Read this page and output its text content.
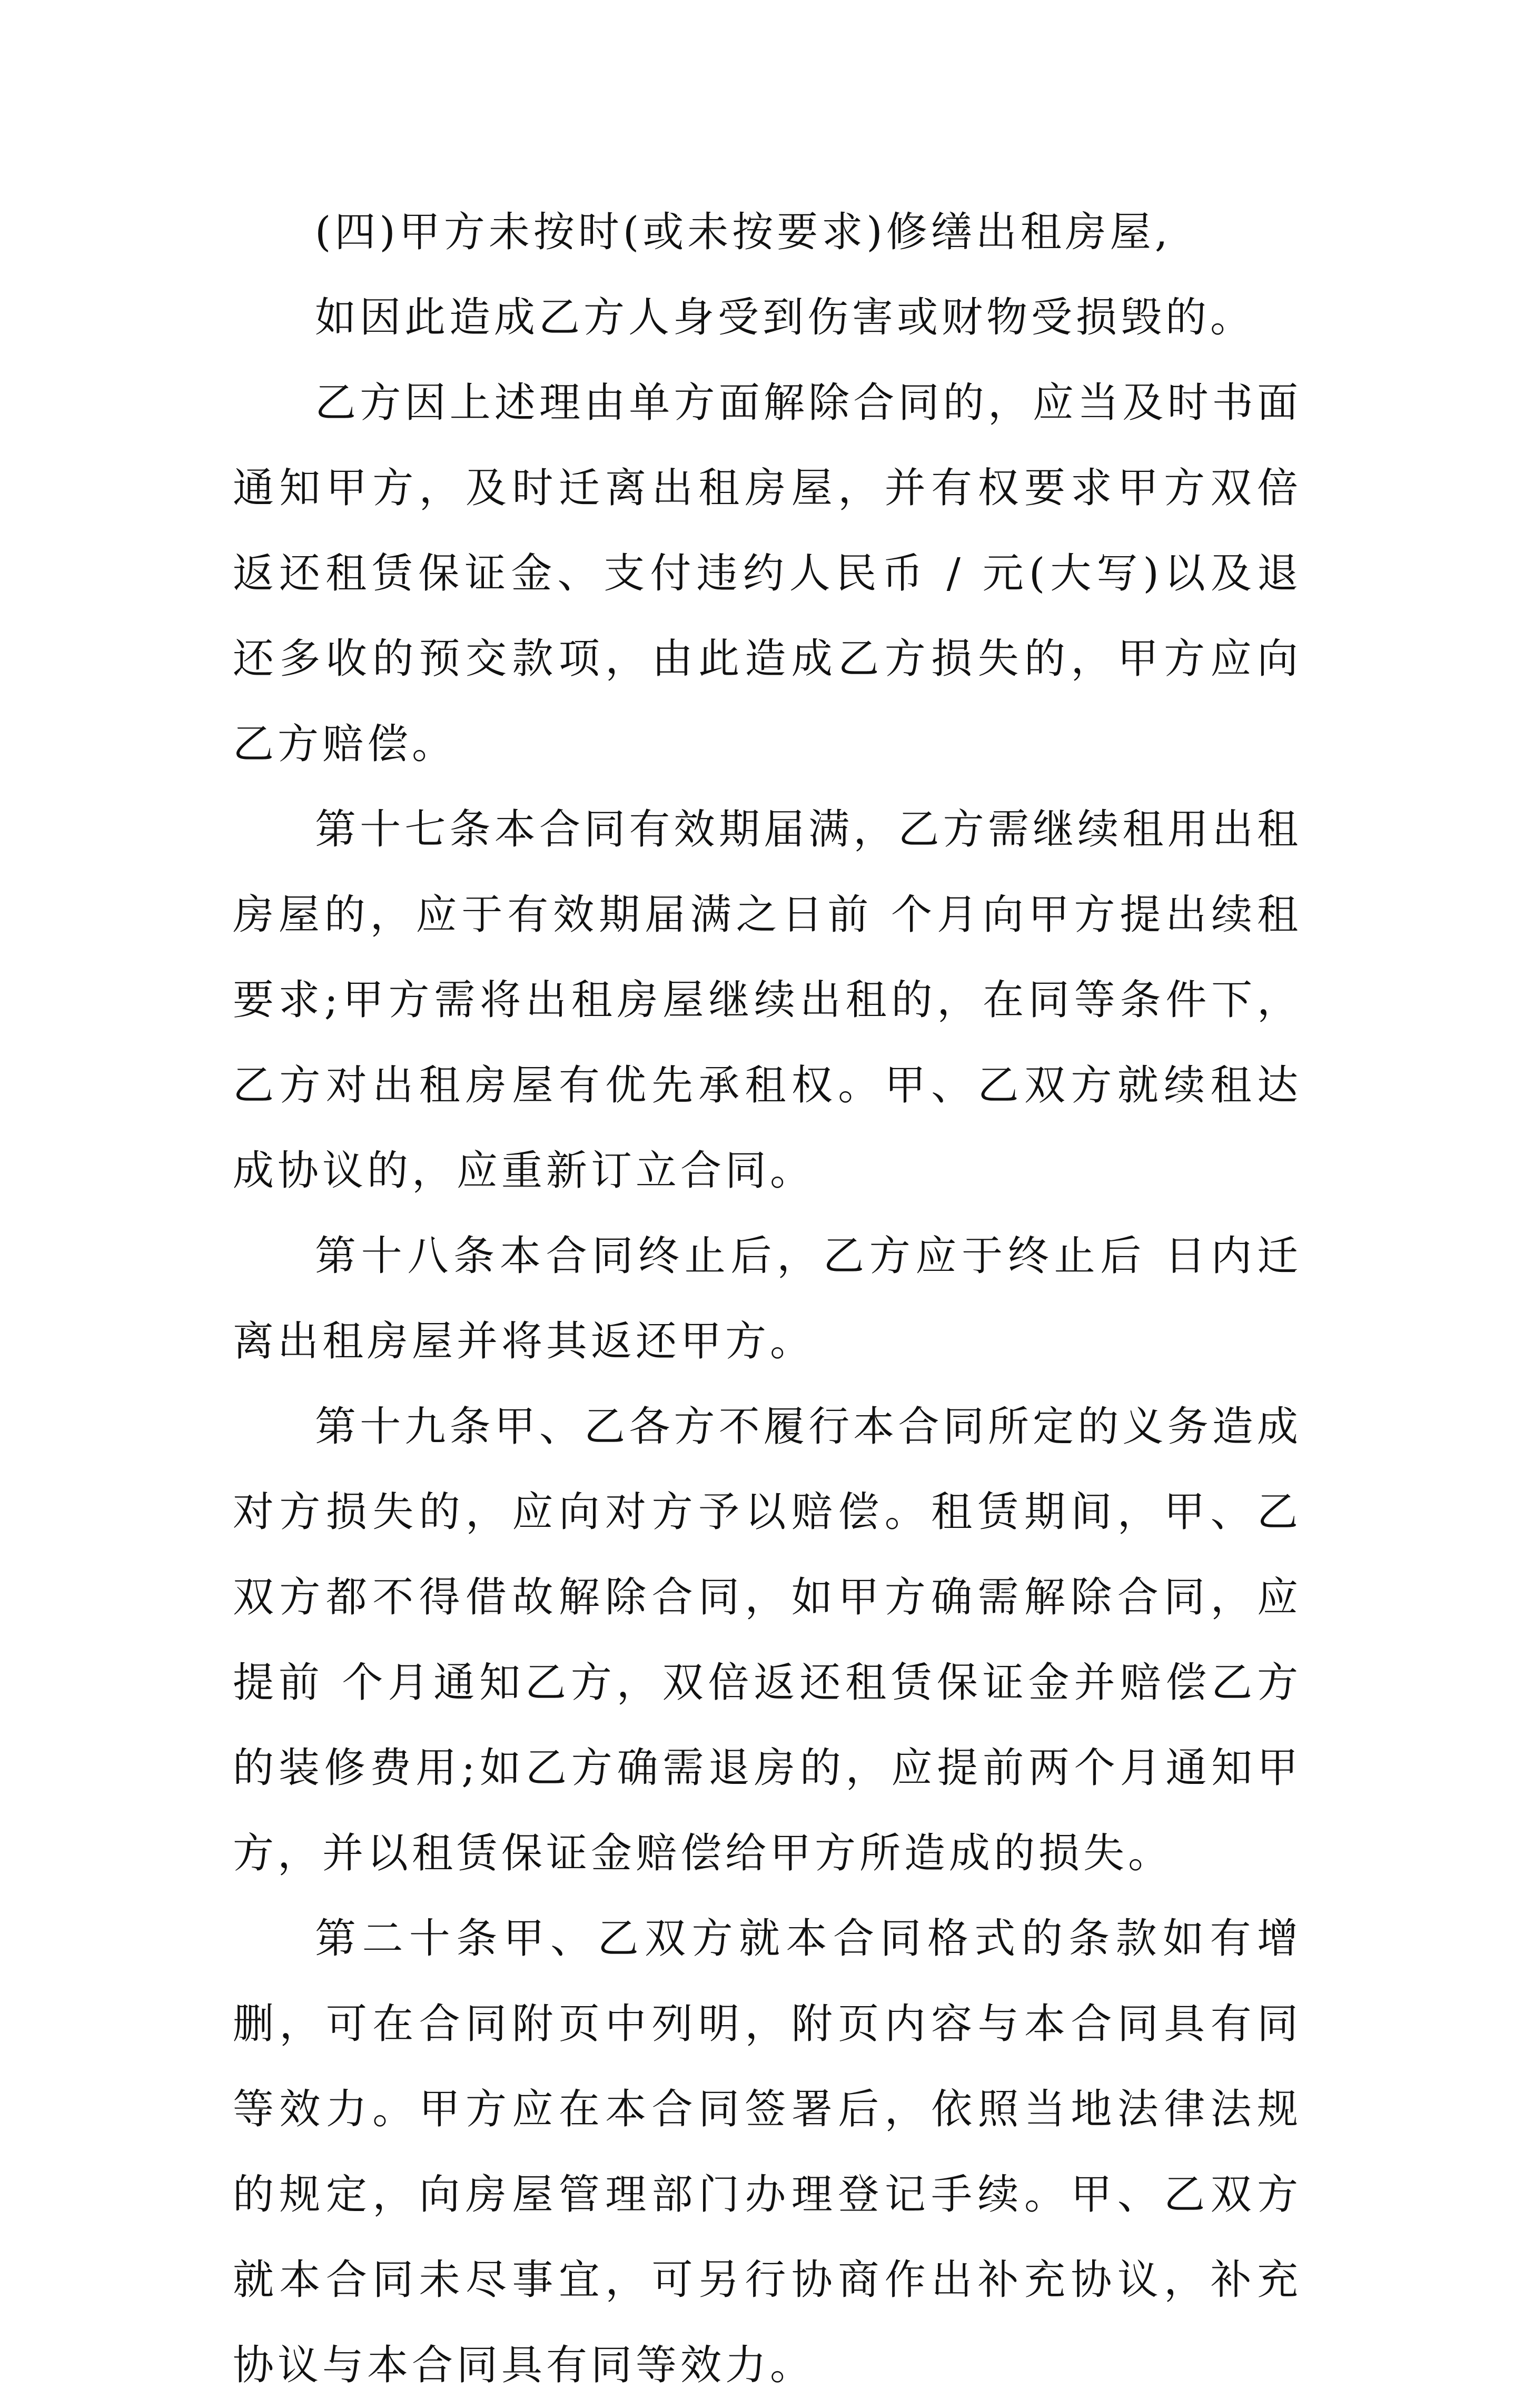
(四)甲方未按时(或未按要求)修缮出租房屋,

如因此造成乙方人身受到伤害或财物受损毁的。

乙方因上述理由单方面解除合同的，应当及时书面通知甲方，及时迁离出租房屋，并有权要求甲方双倍返还租赁保证金、支付违约人民币 / 元(大写)以及退还多收的预交款项，由此造成乙方损失的，甲方应向乙方赔偿。

第十七条本合同有效期届满，乙方需继续租用出租房屋的，应于有效期届满之日前 个月向甲方提出续租要求;甲方需将出租房屋继续出租的，在同等条件下，乙方对出租房屋有优先承租权。甲、乙双方就续租达成协议的，应重新订立合同。

第十八条本合同终止后，乙方应于终止后 日内迁离出租房屋并将其返还甲方。

第十九条甲、乙各方不履行本合同所定的义务造成对方损失的，应向对方予以赔偿。租赁期间，甲、乙双方都不得借故解除合同，如甲方确需解除合同，应提前 个月通知乙方，双倍返还租赁保证金并赔偿乙方的装修费用;如乙方确需退房的，应提前两个月通知甲方，并以租赁保证金赔偿给甲方所造成的损失。

第二十条甲、乙双方就本合同格式的条款如有增删，可在合同附页中列明，附页内容与本合同具有同等效力。甲方应在本合同签署后，依照当地法律法规的规定，向房屋管理部门办理登记手续。甲、乙双方就本合同未尽事宜，可另行协商作出补充协议，补充协议与本合同具有同等效力。
